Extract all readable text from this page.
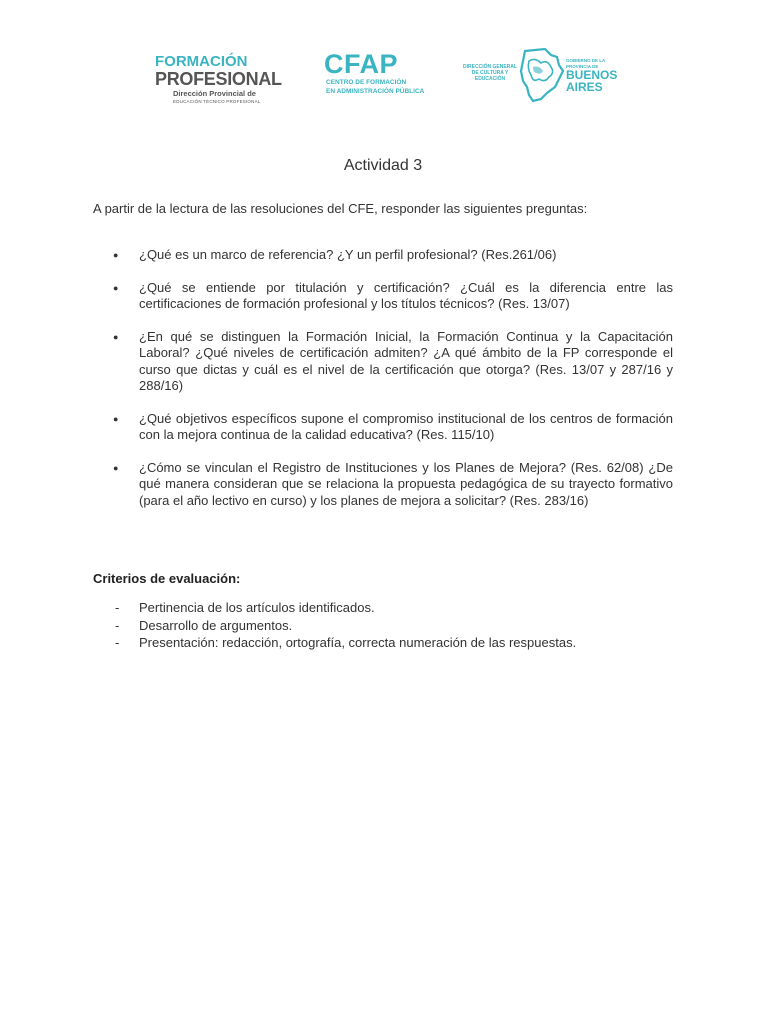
FORMACIÓN
PROFESIONAL
Dirección Provincial de
EDUCACIÓN TÉCNICO PROFESIONAL
CFAP
CENTRO DE FORMACIÓN
EN ADMINISTRACIÓN PÚBLICA
DIRECCIÓN GENERAL
DE CULTURA Y
EDUCACIÓN
GOBIERNO DE LA
PROVINCIA DE
BUENOS
AIRES
Actividad 3
A partir de la lectura de las resoluciones del CFE, responder las siguientes preguntas:
● ¿Qué es un marco de referencia? ¿Y un perfil profesional? (Res.261/06)
● ¿Qué se entiende por titulación y certificación? ¿Cuál es la diferencia entre las certificaciones de formación profesional y los títulos técnicos? (Res. 13/07)
● ¿En qué se distinguen la Formación Inicial, la Formación Continua y la Capacitación Laboral? ¿Qué niveles de certificación admiten? ¿A qué ámbito de la FP corresponde el curso que dictas y cuál es el nivel de la certificación que otorga? (Res. 13/07 y 287/16 y 288/16)
● ¿Qué objetivos específicos supone el compromiso institucional de los centros de formación con la mejora continua de la calidad educativa? (Res. 115/10)
● ¿Cómo se vinculan el Registro de Instituciones y los Planes de Mejora? (Res. 62/08) ¿De qué manera consideran que se relaciona la propuesta pedagógica de su trayecto formativo (para el año lectivo en curso) y los planes de mejora a solicitar? (Res. 283/16)
Criterios de evaluación:
- Pertinencia de los artículos identificados.
- Desarrollo de argumentos.
- Presentación: redacción, ortografía, correcta numeración de las respuestas.
